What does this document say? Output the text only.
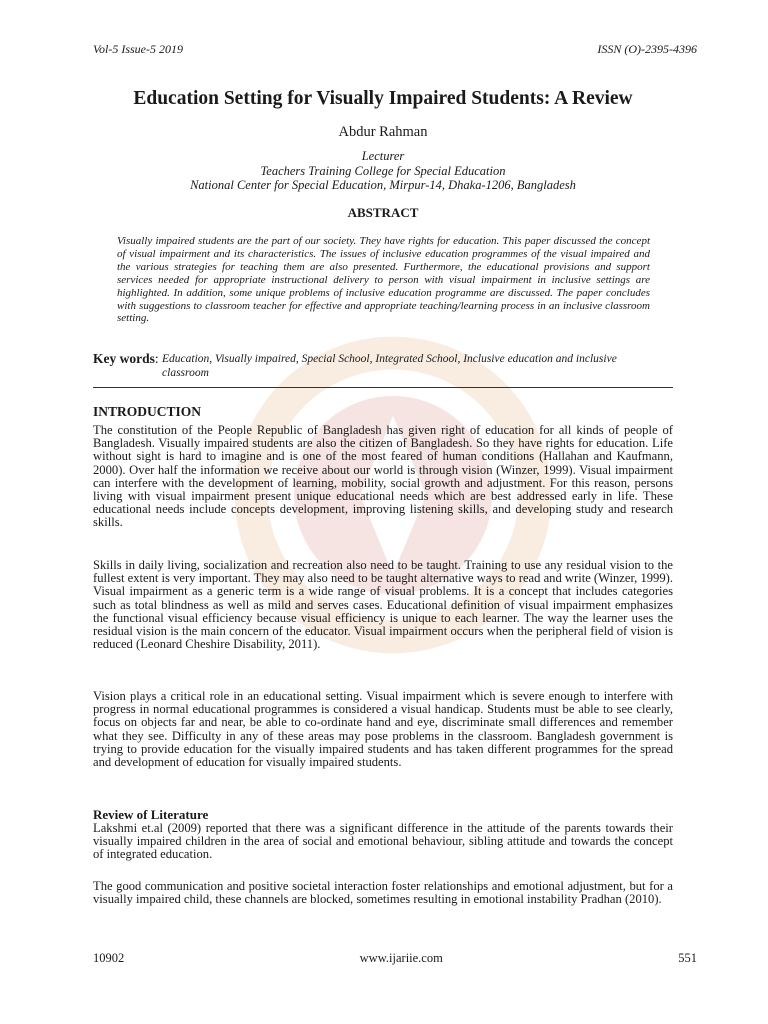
Vol-5 Issue-5 2019	ISSN (O)-2395-4396
Education Setting for Visually Impaired Students: A Review
Abdur Rahman
Lecturer
Teachers Training College for Special Education
National Center for Special Education, Mirpur-14, Dhaka-1206, Bangladesh
ABSTRACT

Visually impaired students are the part of our society. They have rights for education. This paper discussed the concept of visual impairment and its characteristics. The issues of inclusive education programmes of the visual impaired and the various strategies for teaching them are also presented. Furthermore, the educational provisions and support services needed for appropriate instructional delivery to person with visual impairment in inclusive settings are highlighted. In addition, some unique problems of inclusive education programme are discussed. The paper concludes with suggestions to classroom teacher for effective and appropriate teaching/learning process in an inclusive classroom setting.

Key words: Education, Visually impaired, Special School, Integrated School, Inclusive education and inclusive classroom
INTRODUCTION

The constitution of the People Republic of Bangladesh has given right of education for all kinds of people of Bangladesh. Visually impaired students are also the citizen of Bangladesh. So they have rights for education. Life without sight is hard to imagine and is one of the most feared of human conditions (Hallahan and Kaufmann, 2000). Over half the information we receive about our world is through vision (Winzer, 1999). Visual impairment can interfere with the development of learning, mobility, social growth and adjustment. For this reason, persons living with visual impairment present unique educational needs which are best addressed early in life. These educational needs include concepts development, improving listening skills, and developing study and research skills.

Skills in daily living, socialization and recreation also need to be taught. Training to use any residual vision to the fullest extent is very important. They may also need to be taught alternative ways to read and write (Winzer, 1999). Visual impairment as a generic term is a wide range of visual problems. It is a concept that includes categories such as total blindness as well as mild and serves cases. Educational definition of visual impairment emphasizes the functional visual efficiency because visual efficiency is unique to each learner. The way the learner uses the residual vision is the main concern of the educator. Visual impairment occurs when the peripheral field of vision is reduced (Leonard Cheshire Disability, 2011).

Vision plays a critical role in an educational setting. Visual impairment which is severe enough to interfere with progress in normal educational programmes is considered a visual handicap. Students must be able to see clearly, focus on objects far and near, be able to co-ordinate hand and eye, discriminate small differences and remember what they see. Difficulty in any of these areas may pose problems in the classroom. Bangladesh government is trying to provide education for the visually impaired students and has taken different programmes for the spread and development of education for visually impaired students.

Review of Literature

Lakshmi et.al (2009) reported that there was a significant difference in the attitude of the parents towards their visually impaired children in the area of social and emotional behaviour, sibling attitude and towards the concept of integrated education.

The good communication and positive societal interaction foster relationships and emotional adjustment, but for a visually impaired child, these channels are blocked, sometimes resulting in emotional instability Pradhan (2010).

10902	www.ijariie.com	551
